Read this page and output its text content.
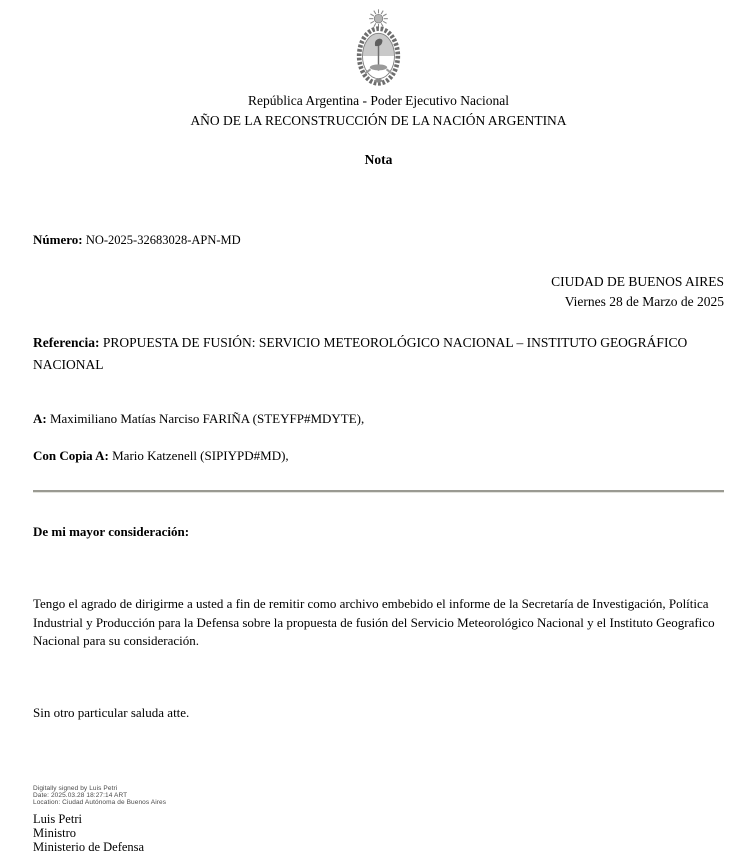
República Argentina - Poder Ejecutivo Nacional
AÑO DE LA RECONSTRUCCIÓN DE LA NACIÓN ARGENTINA
Nota
Número: NO-2025-32683028-APN-MD
CIUDAD DE BUENOS AIRES
Viernes 28 de Marzo de 2025
Referencia: PROPUESTA DE FUSIÓN: SERVICIO METEOROLÓGICO NACIONAL – INSTITUTO GEOGRÁFICO NACIONAL
A: Maximiliano Matías Narciso FARIÑA (STEYFP#MDYTE),
Con Copia A: Mario Katzenell (SIPIYPD#MD),
De mi mayor consideración:
Tengo el agrado de dirigirme a usted a fin de remitir como archivo embebido el informe de la Secretaría de Investigación, Política Industrial y Producción para la Defensa sobre la propuesta de fusión del Servicio Meteorológico Nacional y el Instituto Geografico Nacional para su consideración.
Sin otro particular saluda atte.
Digitally signed by Luis Petri
Date: 2025.03.28 18:27:14 ART
Location: Ciudad Autónoma de Buenos Aires
Luis Petri
Ministro
Ministerio de Defensa
